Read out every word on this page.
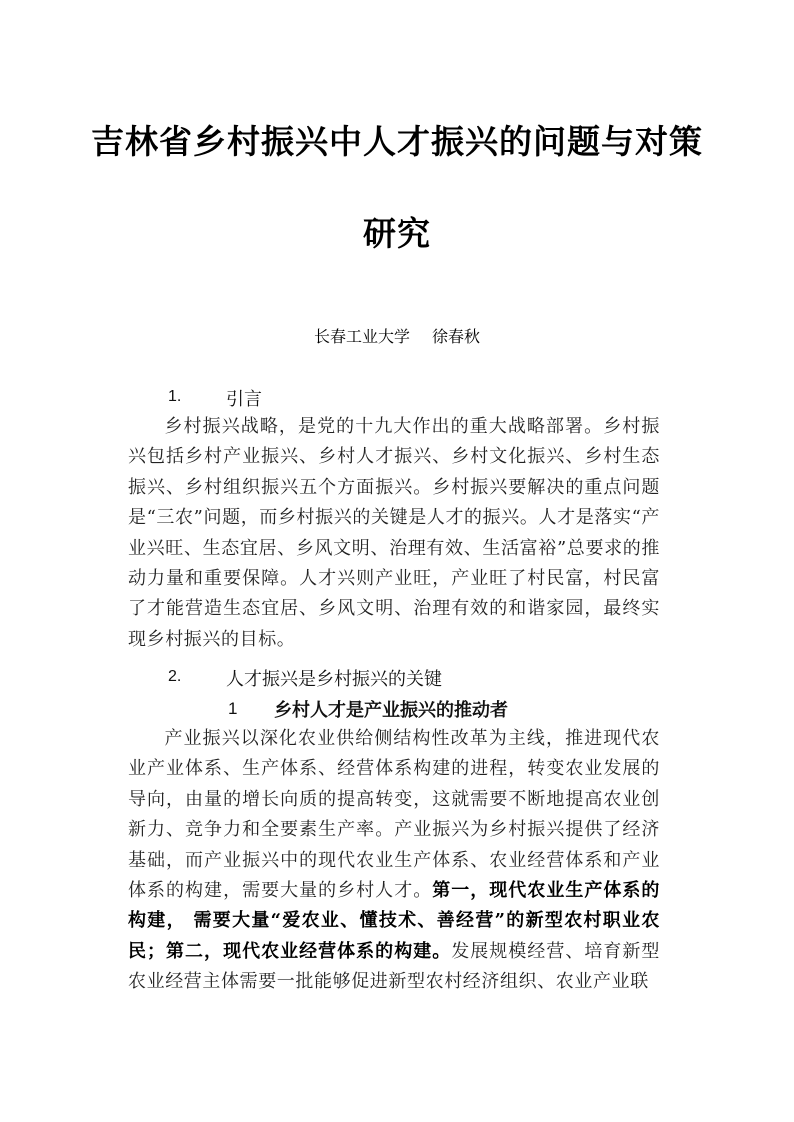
吉林省乡村振兴中人才振兴的问题与对策
研究
长春工业大学 徐春秋
1. 引言
乡村振兴战略，是党的十九大作出的重大战略部署。乡村振兴包括乡村产业振兴、乡村人才振兴、乡村文化振兴、乡村生态振兴、乡村组织振兴五个方面振兴。乡村振兴要解决的重点问题是“三农”问题，而乡村振兴的关键是人才的振兴。人才是落实“产业兴旺、生态宜居、乡风文明、治理有效、生活富裕”总要求的推动力量和重要保障。人才兴则产业旺，产业旺了村民富，村民富了才能营造生态宜居、乡风文明、治理有效的和谐家园，最终实现乡村振兴的目标。
2. 人才振兴是乡村振兴的关键
1 乡村人才是产业振兴的推动者
产业振兴以深化农业供给侧结构性改革为主线，推进现代农业产业体系、生产体系、经营体系构建的进程，转变农业发展的导向，由量的增长向质的提高转变，这就需要不断地提高农业创新力、竞争力和全要素生产率。产业振兴为乡村振兴提供了经济基础，而产业振兴中的现代农业生产体系、农业经营体系和产业体系的构建，需要大量的乡村人才。第一，现代农业生产体系的构建， 需要大量“爱农业、懂技术、善经营”的新型农村职业农民；第二，现代农业经营体系的构建。发展规模经营、培育新型农业经营主体需要一批能够促进新型农村经济组织、农业产业联
